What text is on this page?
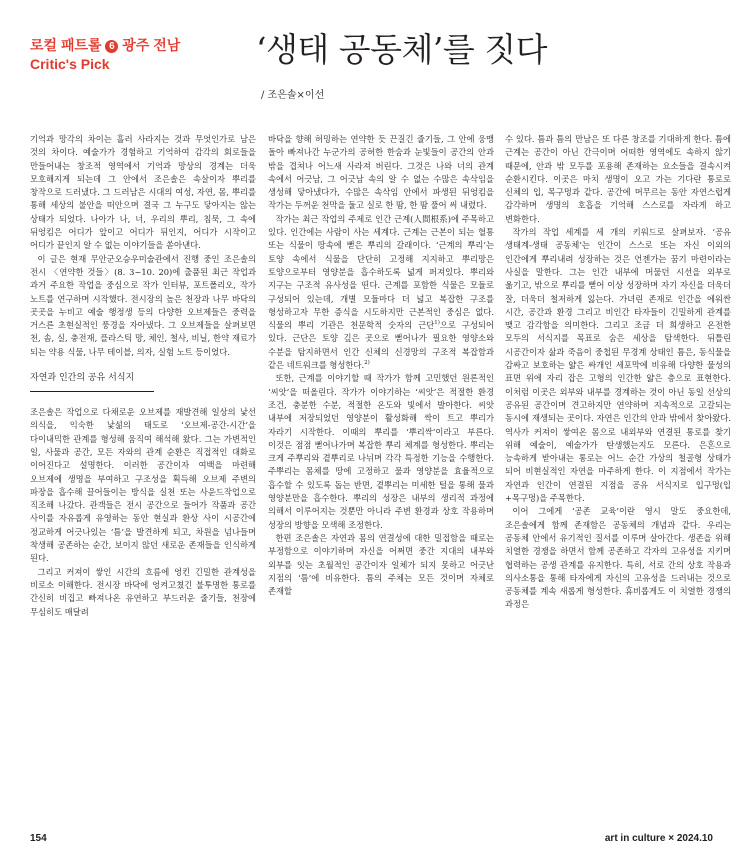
로컬 패트롤 6 광주 전남
Critic's Pick	‘생태 공동체’를 짓다
/ 조은솔×이선

기억과 망각의 차이는 흘러 사라지는 것과 무엇인가로 남은 것의 차이다. 예술가가 경험하고 기억하여 감각의 회로들을 만들어내는 창조적 영역에서 기억과 망상의 경계는 더욱 모호해지게 되는데 그 안에서 조은솔은 속살이자 뿌리를 창작으로 드러냈다. 그 드러남은 시대의 여성, 자연, 몸, 뿌리를 통해 세상의 불안을 떠안으며 결국 그 누구도 닿아지는 않는 상태가 되었다. 나아가 나, 너, 우리의 뿌리, 침묵, 그 속에 뒤엉킴은 어디가 앞이고 어디가 뒤인지, 어디가 시작이고 어디가 끝인지 알 수 없는 이야기들을 쏟아낸다.

이 글은 현재 무안군오승우미술관에서 진행 중인 조은솔의 전시 〈연약한 것들〉(8. 3~10. 20)에 출품된 최근 작업과 과거 주요한 작업을 중심으로 작가 인터뷰, 포트폴리오, 작가 노트를 연구하며 시작했다. 전시장의 높은 천장과 나무 바닥의 곳곳을 누비고 예술 행정생 등의 다양한 오브제들은 중력을 거스른 초현실적인 풍경을 자아냈다. 그 오브제들을 살펴보면 천, 솜, 실, 충전재, 플라스틱 망, 체인, 철사, 비닐, 한약 재료가 되는 약용 식물, 나무 테이블, 의자, 실험 노트 등이었다.

자연과 인간의 공유 서식지

조은솔은 작업으로 다채로운 오브제를 재발견해 일상의 낯선 의식을, 익숙한 낯섦의 태도로 ‘오브제-공간-시간’을 다이내믹한 관계를 형성해 움직여 해석해 왔다. 그는 가변적인 일, 사물과 공간, 모든 자와의 관계 순환은 직접적인 대화로 이어진다고 설명한다. 이러한 공간이자 여백을 마련해 오브제에 생명을 부여하고 구조성을 획득해 오브제 주변의 파장을 흡수해 끌어들이는 방식을 실천 또는 사운드작업으로 직조해 나갔다. 관객들은 전시 공간으로 들어가 작품과 공간 사이를 자유롭게 유영하는 동안 현실과 환상 사이 시공간에 정교하게 어긋나있는 ‘틈’을 발견하게 되고, 차원을 넘나들며 착생해 공존하는 순간, 보이지 않던 새로운 존재들을 인식하게 된다.

그리고 커져이 쌓인 시간의 흐름에 엉킨 긴밀한 관계성을 비로소 이해한다. 전시장 바닥에 엉켜고쳤긴 불투명한 통로를 간신히 비집고 빠져나온 유연하고 부드러운 줄기들, 천장에 무심히도 매달려

바닥을 향해 허밍하는 연약한 듯 끈질긴 줄기들, 그 안에 웅맹 돌아 빠져나간 누군가의 공허한 한숨과 눈빛들이 공간의 안과 밖을 겹쳐나 어느새 사라져 버린다. 그것은 나와 너의 관계 속에서 어긋남, 그 어긋남 속의 알 수 없는 수많은 속삭임을 생성해 닿아냈다가, 수많은 속삭임 안에서 파생된 뒤엉킴을 작가는 두꺼운 천막을 둘고 실로 한 땀, 한 땀 풀어 써 내렸다.

작가는 최근 작업의 주제로 인간 근계(人間根系)에 주목하고 있다. 인간에는 사람이 사는 세계다. 근계는 근본이 되는 혈통 또는 식물이 땅속에 뻗은 뿌리의 갈래이다. ‘근계의 뿌리’는 토양 속에서 식물을 단단히 고정해 지지하고 뿌리망은 토양으로부터 영양분을 흡수하도록 넓게 퍼져있다. 뿌리와 지구는 구조적 유사성을 띤다. 근계를 포함한 식물은 모듈로 구성되어 있는데, 개별 모듈마다 더 넓고 복잡한 구조를 형성하고자 무한 증식을 시도하지만 근본적인 중심은 없다. 식물의 뿌리 기관은 천문학적 숫자의 근단$^{1)}$으로 구성되어 있다. 근단은 토양 깊은 곳으로 뻗어나가 필요한 영양소와 수분을 탐지하면서 인간 신체의 신경망의 구조적 복잡함과 같은 네트워크를 형성한다.$^{2)}$

또한, 근계를 이야기할 때 작가가 함께 고민했던 원론적인 ‘씨앗’을 떠올린다. 작가가 이야기하는 ‘씨앗’은 적절한 환경 조건, 충분한 수분, 적절한 온도와 빛에서 발아한다. 씨앗 내부에 저장되었던 영양분이 활성화해 싹이 트고 뿌리가 자라기 시작한다. 이때의 뿌리를 ‘뿌리싹’이라고 부른다. 이것은 점점 뻗어나가며 복잡한 뿌리 체계를 형성한다. 뿌리는 크게 주뿌리와 곁뿌리로 나뉘며 각각 특정한 기능을 수행한다. 주뿌리는 몸체를 땅에 고정하고 물과 영양분을 효율적으로 흡수할 수 있도록 돕는 반면, 곁뿌리는 미세한 털을 통해 물과 영양분만을 흡수한다. 뿌리의 성장은 내부의 생리적 과정에 의해서 이루어지는 것뿐만 아니라 주변 환경과 상호 작용하며 성장의 방향을 모색해 조정한다.

한편 조은솔은 자연과 몸의 연결성에 대한 밀접함을 때로는 부정함으로 이야기하며 자신을 어쩌면 중간 지대의 내부와 외부를 잇는 초월적인 공간이자 일체가 되지 못하고 어긋난 지점의 ‘틈’에 비유한다. 틈의 주체는 모든 것이며 자체로 존재할

수 있다. 틈과 틈의 만남은 또 다른 창조를 기대하게 한다. 틈에 근계는 공간이 아닌 간극이며 어떠한 영역에도 속하지 않기 때문에, 안과 밖 모두를 포용해 존재하는 요소들을 결속시켜 순환시킨다. 이곳은 마치 생명이 오고 가는 기다란 통로로 신체의 입, 목구멍과 같다. 공간에 머무르는 동안 자연스럽게 감각하며 생명의 호흡을 기억해 스스로를 자라게 하고 변화한다.

작가의 작업 세계를 세 개의 키워드로 살펴보자. ‘공유 생태계-생태 공동체’는 인간이 스스로 또는 자신 이외의 인간에게 뿌리내려 성장하는 것은 언젠가는 꿈기 마련이라는 사실을 말한다. 그는 인간 내부에 머물던 시선을 외부로 옮기고, 밖으로 뿌리를 뻗어 이상 성장하며 자기 자신을 더욱더 잘, 더욱더 철저하게 잃는다. 가녀린 존재로 인간을 에워싼 시간, 공간과 환경 그리고 비인간 타자들이 긴밀하게 관계를 맺고 감각함을 의미한다. 그리고 조금 더 희생하고 온전한 모두의 서식지를 목표로 숨은 세상을 탐색한다. 뒤틀린 시공간이자 삶과 죽음이 중첩된 무경계 상태인 틈은, 동식물을 감싸고 보호하는 얇은 싸개인 세포막에 비유해 다양한 물성의 표면 위에 자리 잡은 고형의 인간한 얇은 층으로 표현한다. 이처럼 이곳은 외부와 내부를 경계하는 것이 아닌 동일 선상의 공유된 공간이며 견고하지만 연약하며 지속적으로 고갈되는 동시에 재생되는 곳이다. 자연은 인간의 안과 밖에서 찾아왔다. 역사가 커져이 쌓여온 몸으로 내외부와 연결된 통로를 찾기 위해 예술이, 예술가가 탄생했는지도 모른다. 은혼으로 능속하게 받아내는 통로는 어느 순간 가상의 철골형 상태가 되어 비현실적인 자연을 마주하게 한다. 이 지점에서 작가는 자연과 인간이 연결된 지점을 공유 서식지로 입구멍(입+목구멍)을 주목한다.

이어 그에게 ‘공존 교육’이란 영시 말도 중요한데, 조은솔에게 함께 존재함은 공동체의 개념과 같다. 우리는 공동체 안에서 유기적인 질서를 이루며 살아간다. 생존을 위해 치열한 경쟁을 하면서 함께 공존하고 각자의 고유성을 지키며 협력하는 공생 관계를 유지한다. 특히, 서로 간의 상호 작용과 의사소통을 통해 타자에게 자신의 고유성을 드러내는 것으로 공동체를 계속 새롭게 형성한다. 휴비롭게도 이 치열한 경쟁의 과정은

154	art in culture × 2024.10
